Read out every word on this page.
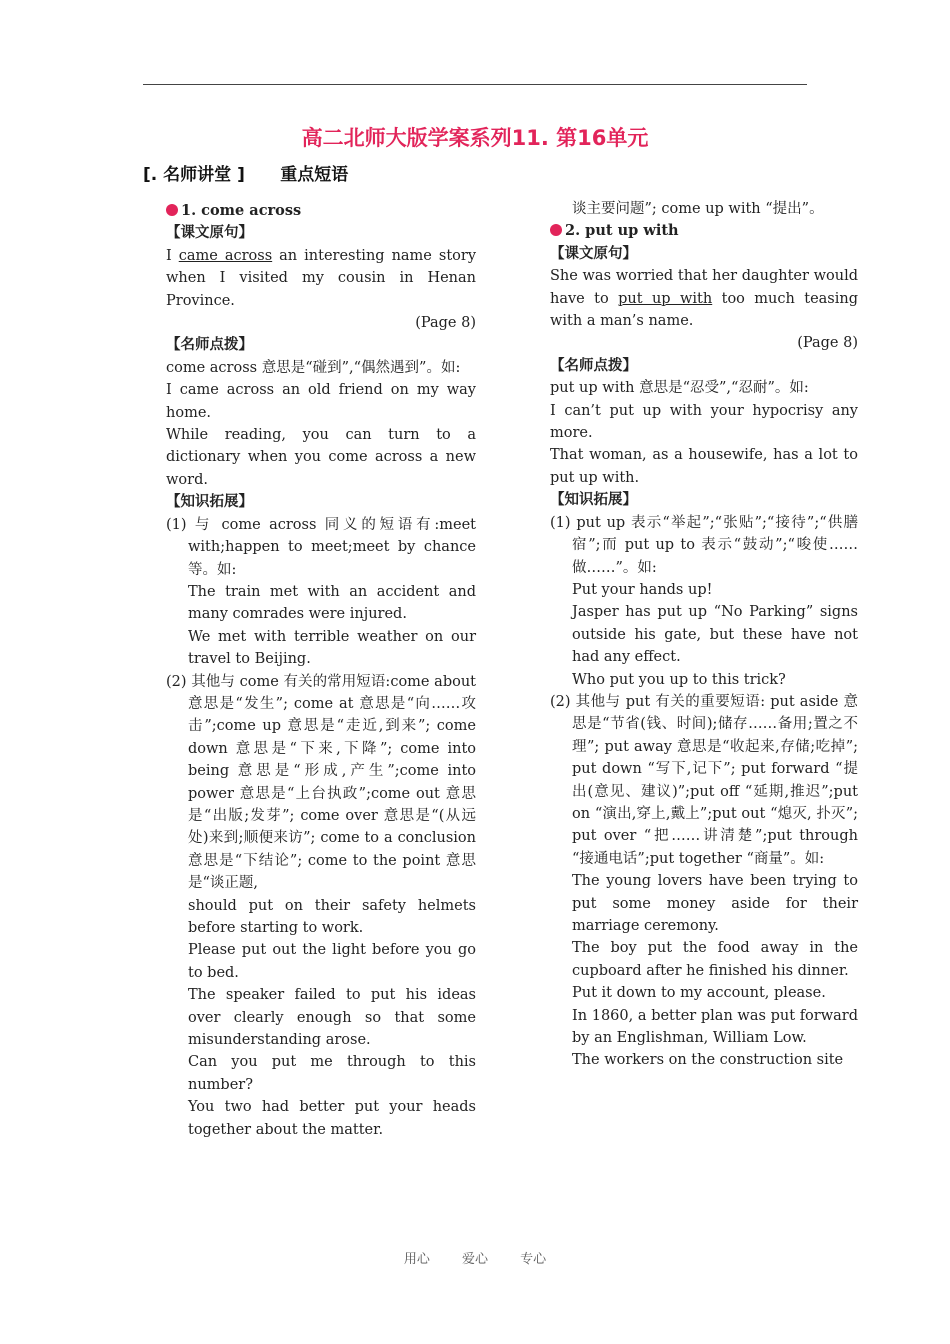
高二北师大版学案系列11. 第16单元
[. 名师讲堂 ] 重点短语
1. come across
【课文原句】

I came across an interesting name story when I visited my cousin in Henan Province.

(Page 8)
【名师点拨】

come across 意思是“碰到”,“偶然遇到”。如:

I came across an old friend on my way home.

While reading, you can turn to a dictionary when you come across a new word.

【知识拓展】

(1) 与 come across 同义的短语有:meet with;happen to meet;meet by chance 等。如:

The train met with an accident and many comrades were injured.

We met with terrible weather on our travel to Beijing.

(2) 其他与 come 有关的常用短语:come about 意思是“发生”; come at 意思是“向……攻击”;come up 意思是“走近,到来”; come down 意思是“下来,下降”; come into being 意思是“形成,产生”;come into power 意思是“上台执政”;come out 意思是“出版;发芽”; come over 意思是“(从远处)来到;顺便来访”; come to a conclusion 意思是“下结论”; come to the point 意思是“谈正题,

should put on their safety helmets before starting to work.

Please put out the light before you go to bed.

The speaker failed to put his ideas over clearly enough so that some misunderstanding arose.

Can you put me through to this number?

You two had better put your heads together about the matter.

谈主要问题”; come up with “提出”。

2. put up with
【课文原句】

She was worried that her daughter would have to put up with too much teasing with a man’s name.

(Page 8)
【名师点拨】

put up with 意思是“忍受”,“忍耐”。如:

I can’t put up with your hypocrisy any more.

That woman, as a housewife, has a lot to put up with.

【知识拓展】

(1) put up 表示“举起”;“张贴”;“接待”;“供膳宿”;而 put up to 表示“鼓动”;“唆使……做……”。如:

Put your hands up!

Jasper has put up “No Parking” signs outside his gate, but these have not had any effect.

Who put you up to this trick?

(2) 其他与 put 有关的重要短语: put aside 意思是“节省(钱、时间);储存……备用;置之不理”; put away 意思是“收起来,存储;吃掉”; put down “写下,记下”; put forward “提出(意见、建议)”;put off “延期,推迟”;put on “演出,穿上,戴上”;put out “熄灭, 扑灭”; put over “把……讲清楚”;put through “接通电话”;put together “商量”。如:

The young lovers have been trying to put some money aside for their marriage ceremony.

The boy put the food away in the cupboard after he finished his dinner.

Put it down to my account, please.

In 1860, a better plan was put forward by an Englishman, William Low.

The workers on the construction site

用心 爱心 专心
